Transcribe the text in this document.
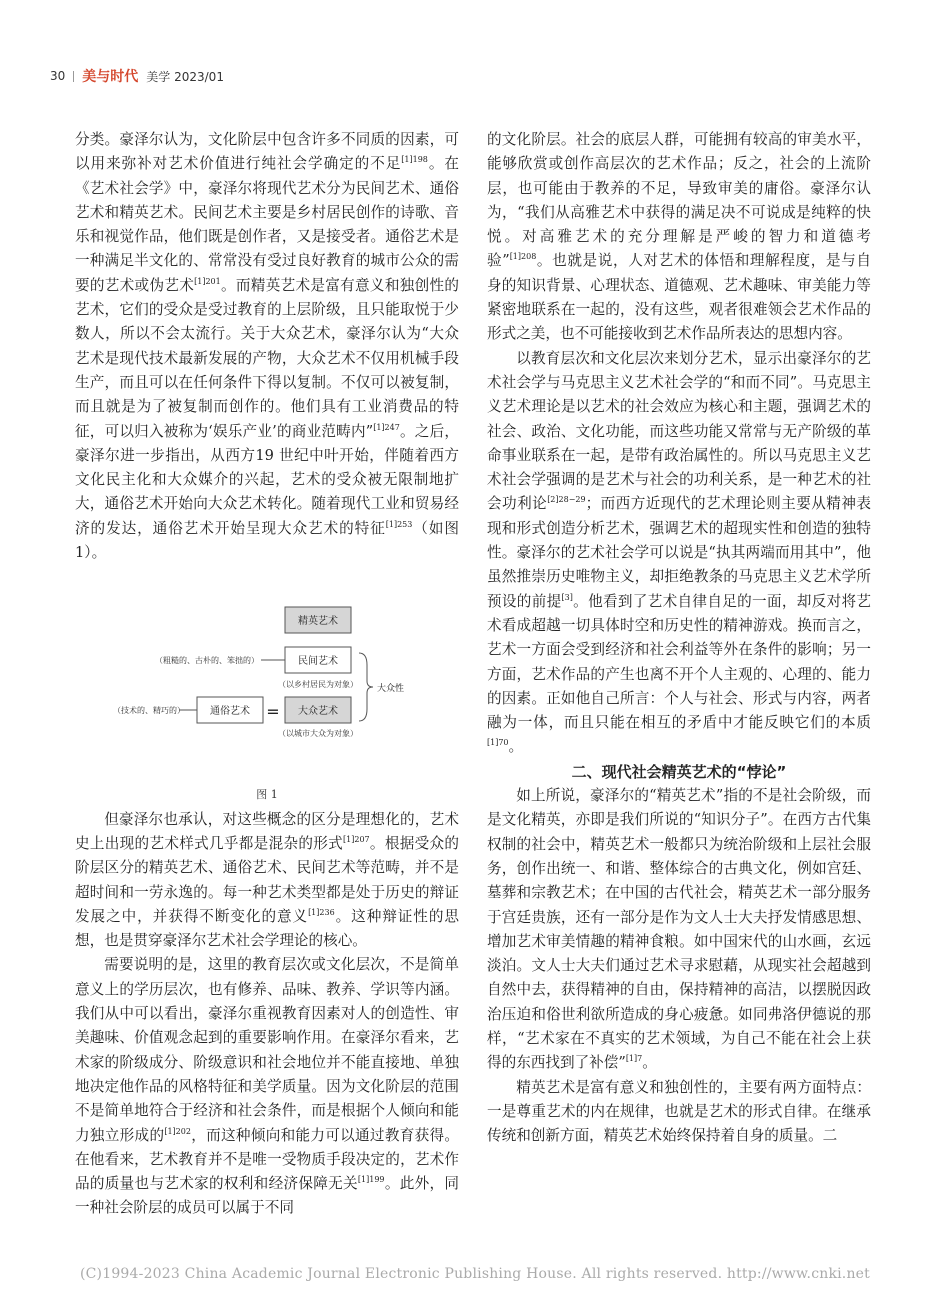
30 美与时代 美学 2023/01

分类。豪泽尔认为，文化阶层中包含许多不同质的因素，可以用来弥补对艺术价值进行纯社会学确定的不足$^{[1]198}$。在《艺术社会学》中，豪泽尔将现代艺术分为民间艺术、通俗艺术和精英艺术。民间艺术主要是乡村居民创作的诗歌、音乐和视觉作品，他们既是创作者，又是接受者。通俗艺术是一种满足半文化的、常常没有受过良好教育的城市公众的需要的艺术或伪艺术$^{[1]201}$。而精英艺术是富有意义和独创性的艺术，它们的受众是受过教育的上层阶级，且只能取悦于少数人，所以不会太流行。关于大众艺术，豪泽尔认为“大众艺术是现代技术最新发展的产物，大众艺术不仅用机械手段生产，而且可以在任何条件下得以复制。不仅可以被复制，而且就是为了被复制而创作的。他们具有工业消费品的特征，可以归入被称为‘娱乐产业’的商业范畴内”$^{[1]247}$。之后，豪泽尔进一步指出，从西方19 世纪中叶开始，伴随着西方文化民主化和大众媒介的兴起，艺术的受众被无限制地扩大，通俗艺术开始向大众艺术转化。随着现代工业和贸易经济的发达，通俗艺术开始呈现大众艺术的特征$^{[1]253}$（如图 1）。

精英艺术
（粗糙的、古朴的、笨拙的）	民间艺术
（以乡村居民为对象）
（技术的、精巧的）	通俗艺术 = 大众艺术
（以城市大众为对象）
大众性

图 1

但豪泽尔也承认，对这些概念的区分是理想化的，艺术史上出现的艺术样式几乎都是混杂的形式$^{[1]207}$。根据受众的阶层区分的精英艺术、通俗艺术、民间艺术等范畴，并不是超时间和一劳永逸的。每一种艺术类型都是处于历史的辩证发展之中，并获得不断变化的意义$^{[1]236}$。这种辩证性的思想，也是贯穿豪泽尔艺术社会学理论的核心。

需要说明的是，这里的教育层次或文化层次，不是简单意义上的学历层次，也有修养、品味、教养、学识等内涵。我们从中可以看出，豪泽尔重视教育因素对人的创造性、审美趣味、价值观念起到的重要影响作用。在豪泽尔看来，艺术家的阶级成分、阶级意识和社会地位并不能直接地、单独地决定他作品的风格特征和美学质量。因为文化阶层的范围不是简单地符合于经济和社会条件，而是根据个人倾向和能力独立形成的$^{[1]202}$，而这种倾向和能力可以通过教育获得。在他看来，艺术教育并不是唯一受物质手段决定的，艺术作品的质量也与艺术家的权利和经济保障无关$^{[1]199}$。此外，同一种社会阶层的成员可以属于不同

的文化阶层。社会的底层人群，可能拥有较高的审美水平，能够欣赏或创作高层次的艺术作品；反之，社会的上流阶层，也可能由于教养的不足，导致审美的庸俗。豪泽尔认为，“我们从高雅艺术中获得的满足决不可说成是纯粹的快悦。对高雅艺术的充分理解是严峻的智力和道德考验”$^{[1]208}$。也就是说，人对艺术的体悟和理解程度，是与自身的知识背景、心理状态、道德观、艺术趣味、审美能力等紧密地联系在一起的，没有这些，观者很难领会艺术作品的形式之美，也不可能接收到艺术作品所表达的思想内容。

以教育层次和文化层次来划分艺术，显示出豪泽尔的艺术社会学与马克思主义艺术社会学的“和而不同”。马克思主义艺术理论是以艺术的社会效应为核心和主题，强调艺术的社会、政治、文化功能，而这些功能又常常与无产阶级的革命事业联系在一起，是带有政治属性的。所以马克思主义艺术社会学强调的是艺术与社会的功利关系，是一种艺术的社会功利论$^{[2]28-29}$；而西方近现代的艺术理论则主要从精神表现和形式创造分析艺术，强调艺术的超现实性和创造的独特性。豪泽尔的艺术社会学可以说是“执其两端而用其中”，他虽然推崇历史唯物主义，却拒绝教条的马克思主义艺术学所预设的前提[3]。他看到了艺术自律自足的一面，却反对将艺术看成超越一切具体时空和历史性的精神游戏。换而言之，艺术一方面会受到经济和社会利益等外在条件的影响；另一方面，艺术作品的产生也离不开个人主观的、心理的、能力的因素。正如他自己所言：个人与社会、形式与内容，两者融为一体，而且只能在相互的矛盾中才能反映它们的本质$^{[1]70}$。

二、现代社会精英艺术的“悖论”

如上所说，豪泽尔的“精英艺术”指的不是社会阶级，而是文化精英，亦即是我们所说的“知识分子”。在西方古代集权制的社会中，精英艺术一般都只为统治阶级和上层社会服务，创作出统一、和谐、整体综合的古典文化，例如宫廷、墓葬和宗教艺术；在中国的古代社会，精英艺术一部分服务于宫廷贵族，还有一部分是作为文人士大夫抒发情感思想、增加艺术审美情趣的精神食粮。如中国宋代的山水画，玄远淡泊。文人士大夫们通过艺术寻求慰藉，从现实社会超越到自然中去，获得精神的自由，保持精神的高洁，以摆脱因政治压迫和俗世利欲所造成的身心疲惫。如同弗洛伊德说的那样，“艺术家在不真实的艺术领域，为自己不能在社会上获得的东西找到了补偿”$^{[1]7}$。

精英艺术是富有意义和独创性的，主要有两方面特点：一是尊重艺术的内在规律，也就是艺术的形式自律。在继承传统和创新方面，精英艺术始终保持着自身的质量。二

(C)1994-2023 China Academic Journal Electronic Publishing House. All rights reserved. http://www.cnki.net
